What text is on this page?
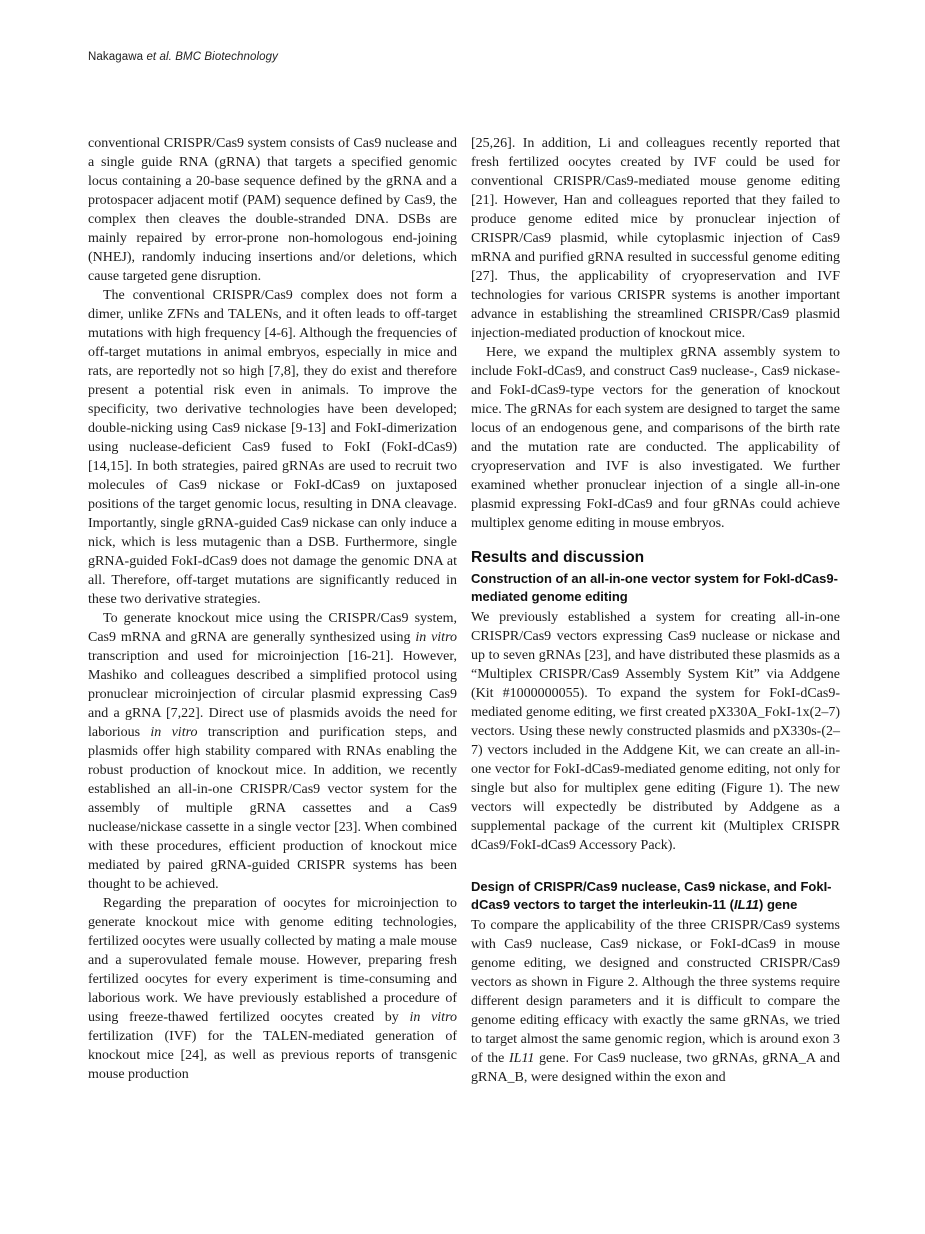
Nakagawa et al. BMC Biotechnology

conventional CRISPR/Cas9 system consists of Cas9 nuclease and a single guide RNA (gRNA) that targets a specified genomic locus containing a 20-base sequence defined by the gRNA and a protospacer adjacent motif (PAM) sequence defined by Cas9, the complex then cleaves the double-stranded DNA. DSBs are mainly repaired by error-prone non-homologous end-joining (NHEJ), randomly inducing insertions and/or deletions, which cause targeted gene disruption.

The conventional CRISPR/Cas9 complex does not form a dimer, unlike ZFNs and TALENs, and it often leads to off-target mutations with high frequency [4-6]. Although the frequencies of off-target mutations in animal embryos, especially in mice and rats, are reportedly not so high [7,8], they do exist and therefore present a potential risk even in animals. To improve the specificity, two derivative technologies have been developed; double-nicking using Cas9 nickase [9-13] and FokI-dimerization using nuclease-deficient Cas9 fused to FokI (FokI-dCas9) [14,15]. In both strategies, paired gRNAs are used to recruit two molecules of Cas9 nickase or FokI-dCas9 on juxtaposed positions of the target genomic locus, resulting in DNA cleavage. Importantly, single gRNA-guided Cas9 nickase can only induce a nick, which is less mutagenic than a DSB. Furthermore, single gRNA-guided FokI-dCas9 does not damage the genomic DNA at all. Therefore, off-target mutations are significantly reduced in these two derivative strategies.

To generate knockout mice using the CRISPR/Cas9 system, Cas9 mRNA and gRNA are generally synthesized using in vitro transcription and used for microinjection [16-21]. However, Mashiko and colleagues described a simplified protocol using pronuclear microinjection of circular plasmid expressing Cas9 and a gRNA [7,22]. Direct use of plasmids avoids the need for laborious in vitro transcription and purification steps, and plasmids offer high stability compared with RNAs enabling the robust production of knockout mice. In addition, we recently established an all-in-one CRISPR/Cas9 vector system for the assembly of multiple gRNA cassettes and a Cas9 nuclease/nickase cassette in a single vector [23]. When combined with these procedures, efficient production of knockout mice mediated by paired gRNA-guided CRISPR systems has been thought to be achieved.

Regarding the preparation of oocytes for microinjection to generate knockout mice with genome editing technologies, fertilized oocytes were usually collected by mating a male mouse and a superovulated female mouse. However, preparing fresh fertilized oocytes for every experiment is time-consuming and laborious work. We have previously established a procedure of using freeze-thawed fertilized oocytes created by in vitro fertilization (IVF) for the TALEN-mediated generation of knockout mice [24], as well as previous reports of transgenic mouse production

[25,26]. In addition, Li and colleagues recently reported that fresh fertilized oocytes created by IVF could be used for conventional CRISPR/Cas9-mediated mouse genome editing [21]. However, Han and colleagues reported that they failed to produce genome edited mice by pronuclear injection of CRISPR/Cas9 plasmid, while cytoplasmic injection of Cas9 mRNA and purified gRNA resulted in successful genome editing [27]. Thus, the applicability of cryopreservation and IVF technologies for various CRISPR systems is another important advance in establishing the streamlined CRISPR/Cas9 plasmid injection-mediated production of knockout mice.

Here, we expand the multiplex gRNA assembly system to include FokI-dCas9, and construct Cas9 nuclease-, Cas9 nickase- and FokI-dCas9-type vectors for the generation of knockout mice. The gRNAs for each system are designed to target the same locus of an endogenous gene, and comparisons of the birth rate and the mutation rate are conducted. The applicability of cryopreservation and IVF is also investigated. We further examined whether pronuclear injection of a single all-in-one plasmid expressing FokI-dCas9 and four gRNAs could achieve multiplex genome editing in mouse embryos.

Results and discussion
Construction of an all-in-one vector system for FokI-dCas9-mediated genome editing

We previously established a system for creating all-in-one CRISPR/Cas9 vectors expressing Cas9 nuclease or nickase and up to seven gRNAs [23], and have distributed these plasmids as a “Multiplex CRISPR/Cas9 Assembly System Kit” via Addgene (Kit #1000000055). To expand the system for FokI-dCas9-mediated genome editing, we first created pX330A_FokI-1x(2–7) vectors. Using these newly constructed plasmids and pX330s-(2–7) vectors included in the Addgene Kit, we can create an all-in-one vector for FokI-dCas9-mediated genome editing, not only for single but also for multiplex gene editing (Figure 1). The new vectors will expectedly be distributed by Addgene as a supplemental package of the current kit (Multiplex CRISPR dCas9/FokI-dCas9 Accessory Pack).

Design of CRISPR/Cas9 nuclease, Cas9 nickase, and FokI-dCas9 vectors to target the interleukin-11 (IL11) gene

To compare the applicability of the three CRISPR/Cas9 systems with Cas9 nuclease, Cas9 nickase, or FokI-dCas9 in mouse genome editing, we designed and constructed CRISPR/Cas9 vectors as shown in Figure 2. Although the three systems require different design parameters and it is difficult to compare the genome editing efficacy with exactly the same gRNAs, we tried to target almost the same genomic region, which is around exon 3 of the IL11 gene. For Cas9 nuclease, two gRNAs, gRNA_A and gRNA_B, were designed within the exon and
